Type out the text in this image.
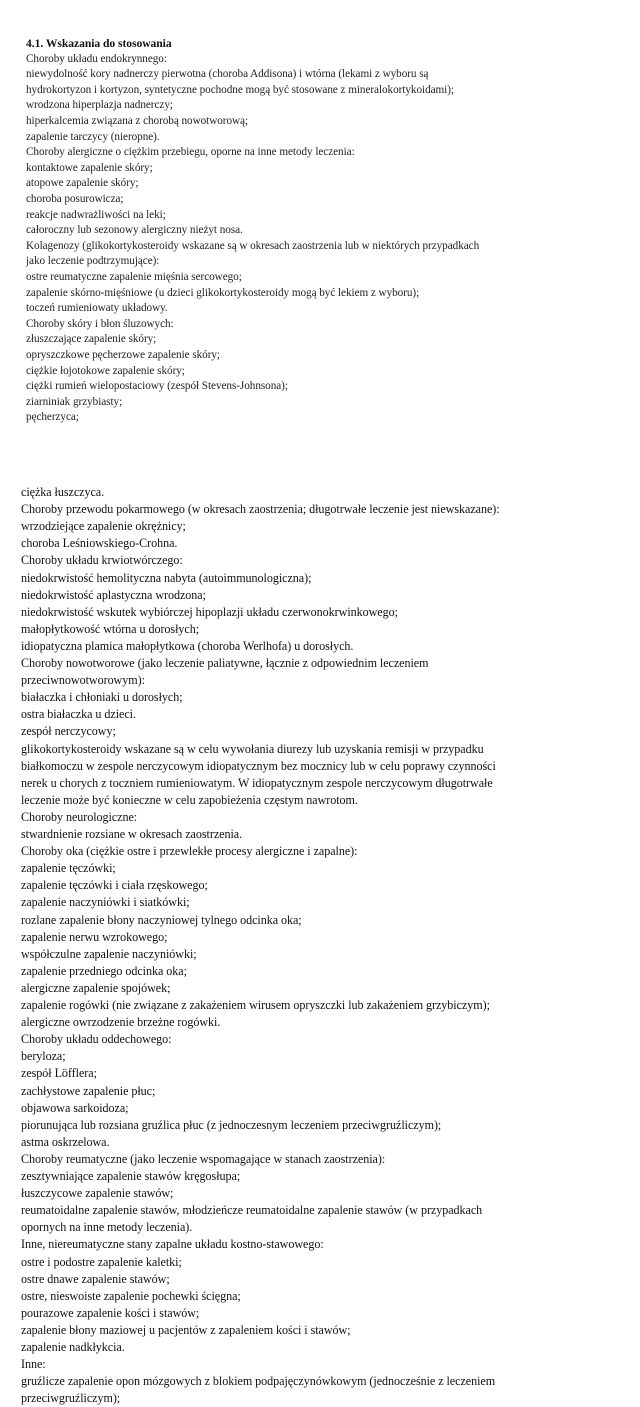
4.1. Wskazania do stosowania
Choroby układu endokrynnego:
niewydolność kory nadnerczy pierwotna (choroba Addisona) i wtórna (lekami z wyboru są
hydrokortyzon i kortyzon, syntetyczne pochodne mogą być stosowane z mineralokortykoidami);
wrodzona hiperplazja nadnerczy;
hiperkalcemia związana z chorobą nowotworową;
zapalenie tarczycy (nieropne).
Choroby alergiczne o ciężkim przebiegu, oporne na inne metody leczenia:
kontaktowe zapalenie skóry;
atopowe zapalenie skóry;
choroba posurowicza;
reakcje nadwrażliwości na leki;
całoroczny lub sezonowy alergiczny nieżyt nosa.
Kolagenozy (glikokortykosteroidy wskazane są w okresach zaostrzenia lub w niektórych przypadkach
jako leczenie podtrzymujące):
ostre reumatyczne zapalenie mięśnia sercowego;
zapalenie skórno-mięśniowe (u dzieci glikokortykosteroidy mogą być lekiem z wyboru);
toczeń rumieniowaty układowy.
Choroby skóry i błon śluzowych:
złuszczające zapalenie skóry;
opryszczkowe pęcherzowe zapalenie skóry;
ciężkie łojotokowe zapalenie skóry;
ciężki rumień wielopostaciowy (zespół Stevens-Johnsona);
ziarniniak grzybiasty;
pęcherzyca;
ciężka łuszczyca.
Choroby przewodu pokarmowego (w okresach zaostrzenia; długotrwałe leczenie jest niewskazane):
wrzodziejące zapalenie okrężnicy;
choroba Leśniowskiego-Crohna.
Choroby układu krwiotwórczego:
niedokrwistość hemolityczna nabyta (autoimmunologiczna);
niedokrwistość aplastyczna wrodzona;
niedokrwistość wskutek wybiórczej hipoplazji układu czerwonokrwinkowego;
małopłytkowość wtórna u dorosłych;
idiopatyczna plamica małopłytkowa (choroba Werlhofa) u dorosłych.
Choroby nowotworowe (jako leczenie paliatywne, łącznie z odpowiednim leczeniem
przeciwnowotworowym):
białaczka i chłoniaki u dorosłych;
ostra białaczka u dzieci.
zespół nerczycowy;
glikokortykosteroidy wskazane są w celu wywołania diurezy lub uzyskania remisji w przypadku
białkomoczu w zespole nerczycowym idiopatycznym bez mocznicy lub w celu poprawy czynności
nerek u chorych z toczniem rumieniowatym. W idiopatycznym zespole nerczycowym długotrwałe
leczenie może być konieczne w celu zapobieżenia częstym nawrotom.
Choroby neurologiczne:
stwardnienie rozsiane w okresach zaostrzenia.
Choroby oka (ciężkie ostre i przewlekłe procesy alergiczne i zapalne):
zapalenie tęczówki;
zapalenie tęczówki i ciała rzęskowego;
zapalenie naczyniówki i siatkówki;
rozlane zapalenie błony naczyniowej tylnego odcinka oka;
zapalenie nerwu wzrokowego;
współczulne zapalenie naczyniówki;
zapalenie przedniego odcinka oka;
alergiczne zapalenie spojówek;
zapalenie rogówki (nie związane z zakażeniem wirusem opryszczki lub zakażeniem grzybiczym);
alergiczne owrzodzenie brzeżne rogówki.
Choroby układu oddechowego:
beryloza;
zespół Löfflera;
zachłystowe zapalenie płuc;
objawowa sarkoidoza;
piorunująca lub rozsiana gruźlica płuc (z jednoczesnym leczeniem przeciwgruźliczym);
astma oskrzelowa.
Choroby reumatyczne (jako leczenie wspomagające w stanach zaostrzenia):
zesztywniające zapalenie stawów kręgosłupa;
łuszczycowe zapalenie stawów;
reumatoidalne zapalenie stawów, młodzieńcze reumatoidalne zapalenie stawów (w przypadkach
opornych na inne metody leczenia).
Inne, niereumatyczne stany zapalne układu kostno-stawowego:
ostre i podostre zapalenie kaletki;
ostre dnawe zapalenie stawów;
ostre, nieswoiste zapalenie pochewki ścięgna;
pourazowe zapalenie kości i stawów;
zapalenie błony maziowej u pacjentów z zapaleniem kości i stawów;
zapalenie nadkłykcia.
Inne:
gruźlicze zapalenie opon mózgowych z blokiem podpajęczynówkowym (jednocześnie z leczeniem
przeciwgruźliczym);
